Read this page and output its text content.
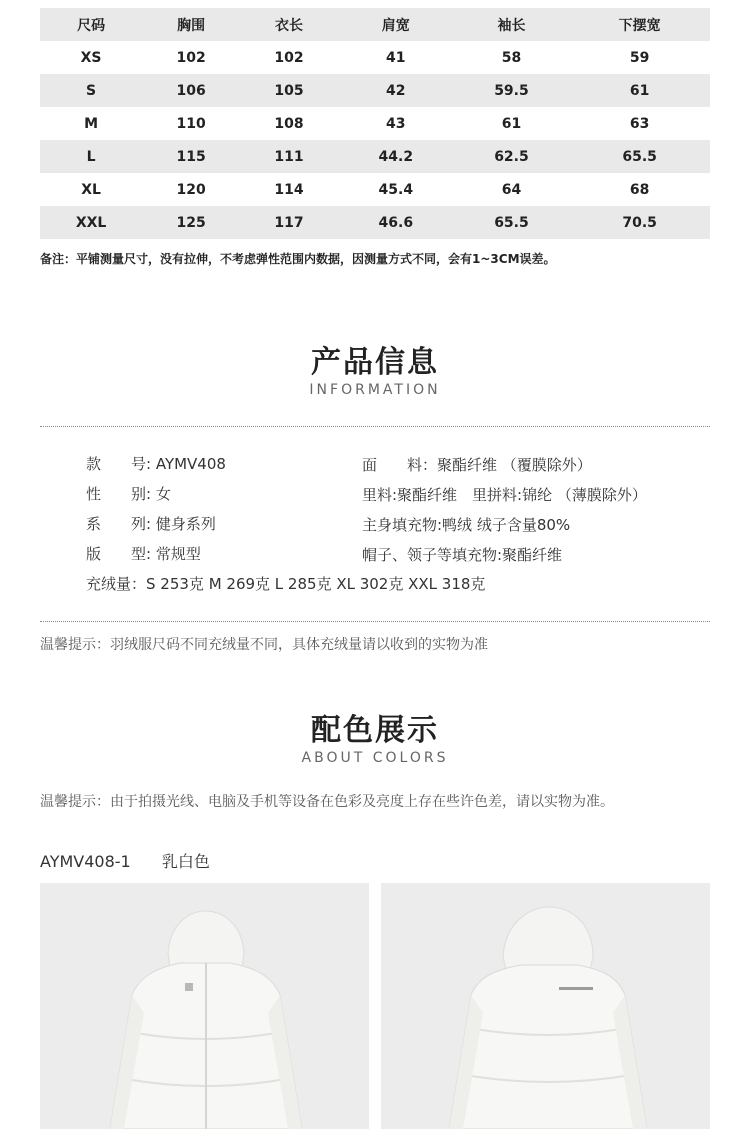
尺码	胸围	衣长	肩宽	袖长	下摆宽
XS	102	102	41	58	59
S	106	105	42	59.5	61
M	110	108	43	61	63
L	115	111	44.2	62.5	65.5
XL	120	114	45.4	64	68
XXL	125	117	46.6	65.5	70.5
备注：平铺测量尺寸，没有拉伸，不考虑弹性范围内数据，因测量方式不同，会有1~3CM误差。
产品信息
INFORMATION
款　　号: AYMV408
性　　别: 女
系　　列: 健身系列
版　　型: 常规型
面　　料：聚酯纤维 （覆膜除外）
里料:聚酯纤维　里拼料:锦纶 （薄膜除外）
主身填充物:鸭绒 绒子含量80%
帽子、领子等填充物:聚酯纤维
充绒量：S 253克 M 269克 L 285克 XL 302克 XXL 318克
温馨提示：羽绒服尺码不同充绒量不同，具体充绒量请以收到的实物为准
配色展示
ABOUT COLORS
温馨提示：由于拍摄光线、电脑及手机等设备在色彩及亮度上存在些许色差，请以实物为准。
AYMV408-1 乳白色
